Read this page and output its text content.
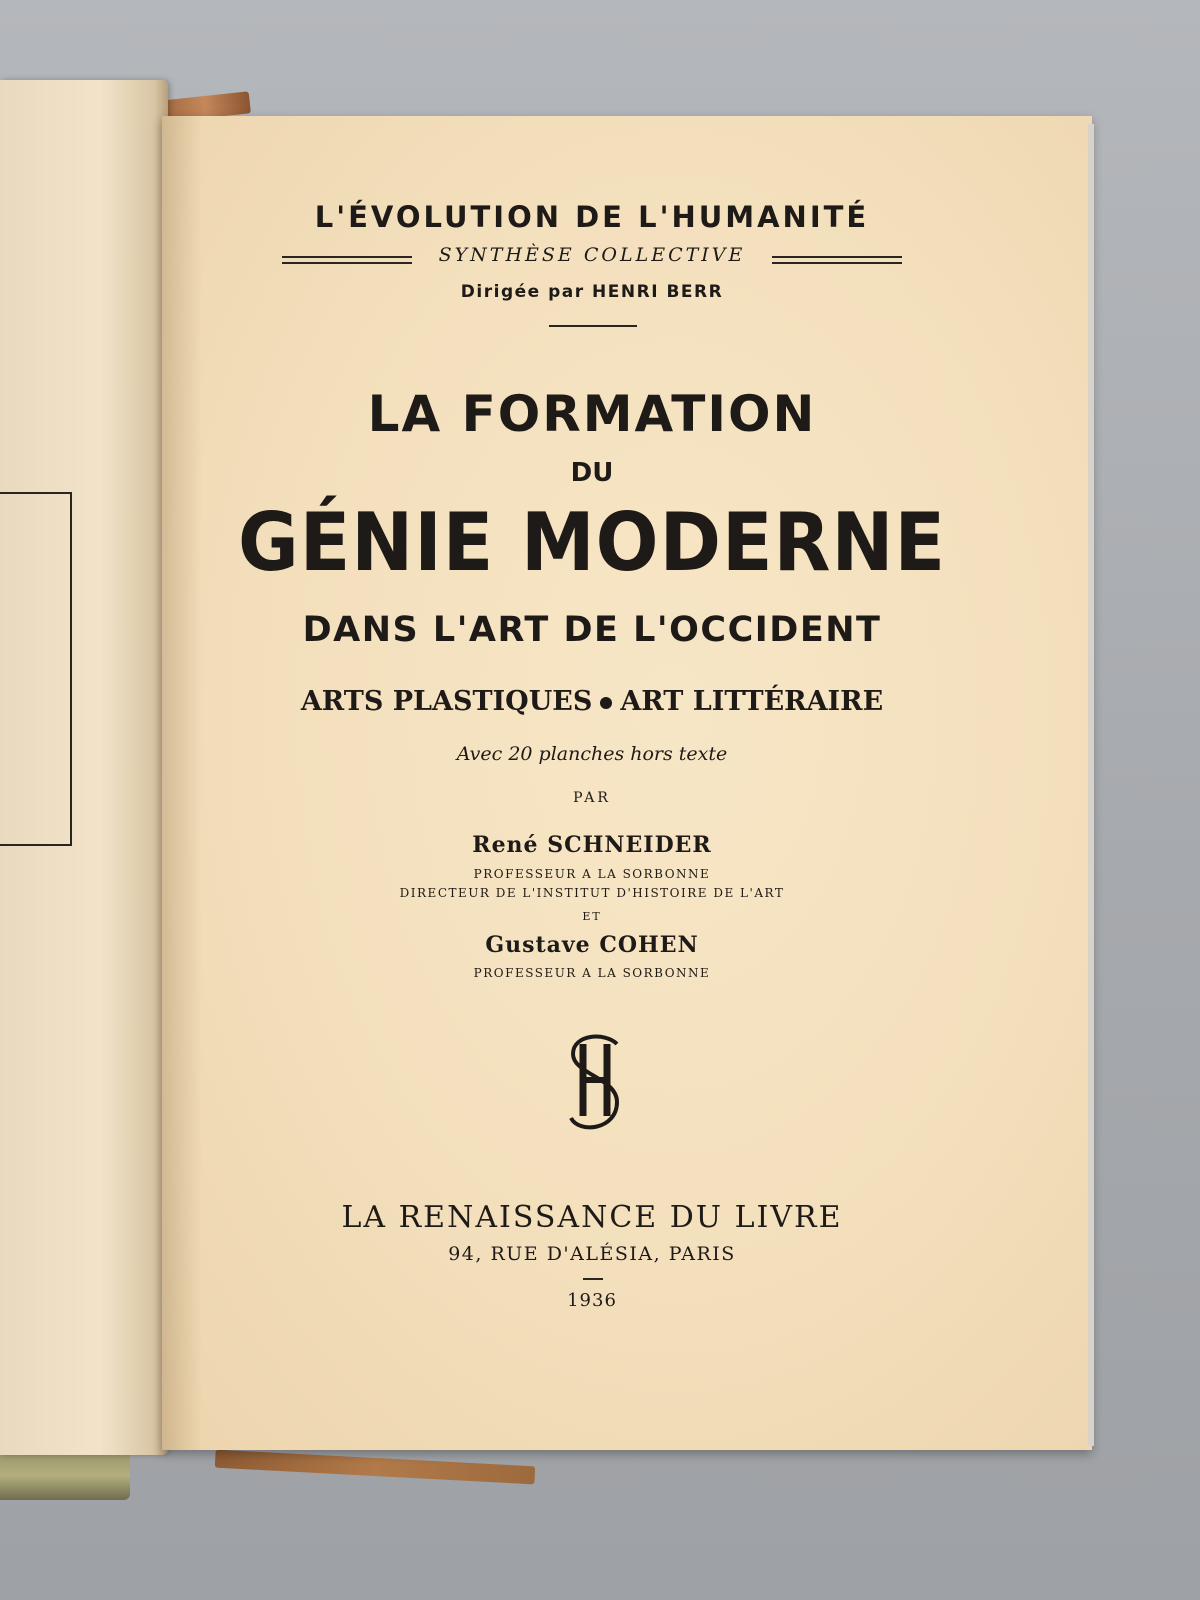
L'ÉVOLUTION DE L'HUMANITÉ
SYNTHÈSE COLLECTIVE
Dirigée par HENRI BERR
LA FORMATION
DU
GÉNIE MODERNE
DANS L'ART DE L'OCCIDENT
ARTS PLASTIQUES ART LITTÉRAIRE
Avec 20 planches hors texte
PAR
René SCHNEIDER
PROFESSEUR A LA SORBONNE
DIRECTEUR DE L'INSTITUT D'HISTOIRE DE L'ART
ET
Gustave COHEN
PROFESSEUR A LA SORBONNE
LA RENAISSANCE DU LIVRE
94, RUE D'ALÉSIA, PARIS
1936
